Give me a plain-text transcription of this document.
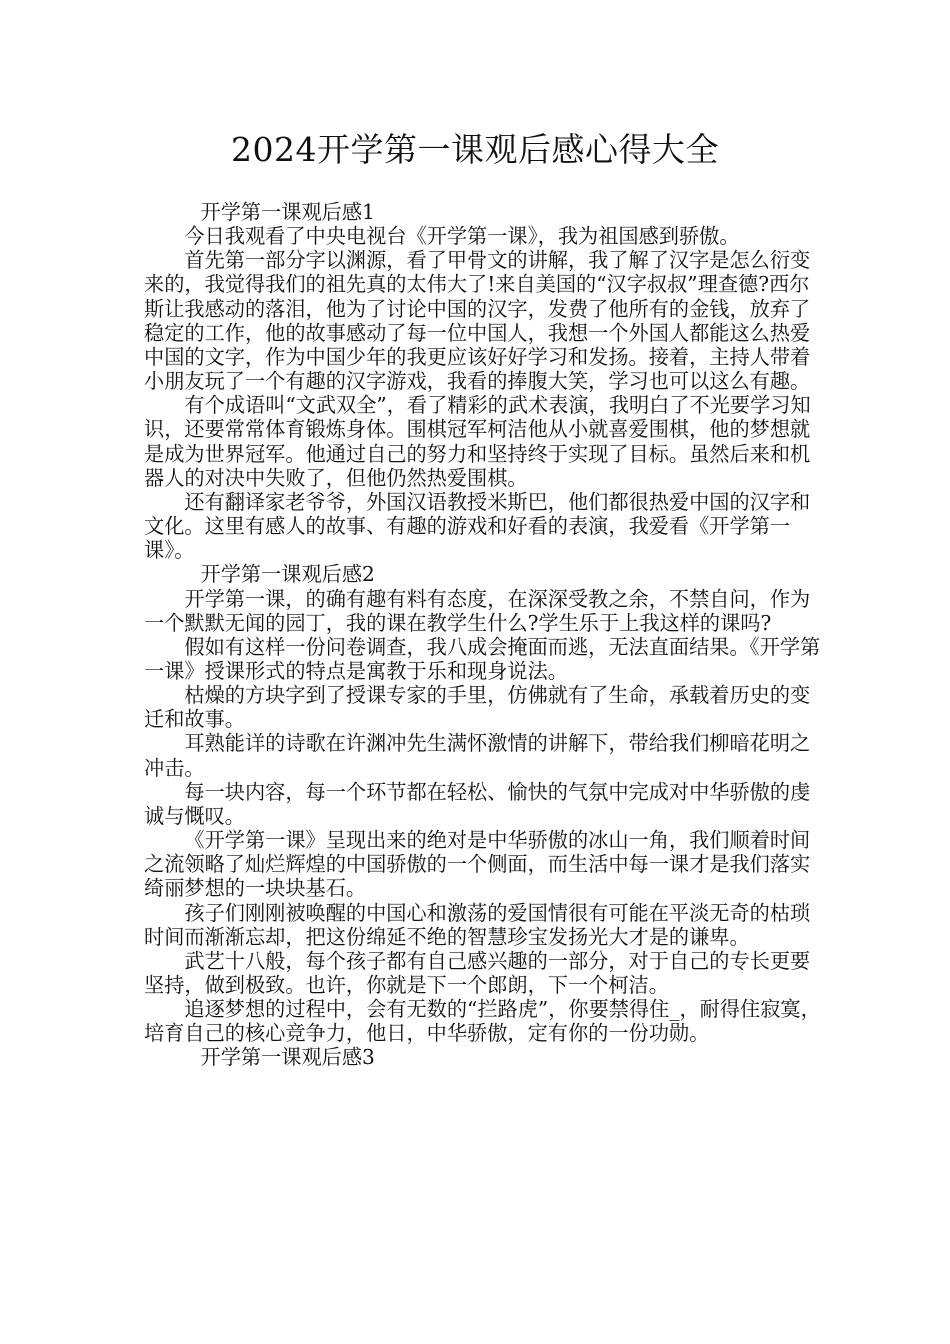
2024开学第一课观后感心得大全

开学第一课观后感1

今日我观看了中央电视台《开学第一课》，我为祖国感到骄傲。

首先第一部分字以渊源，看了甲骨文的讲解，我了解了汉字是怎么衍变来的，我觉得我们的祖先真的太伟大了!来自美国的“汉字叔叔”理查德?西尔斯让我感动的落泪，他为了讨论中国的汉字，发费了他所有的金钱，放弃了稳定的工作，他的故事感动了每一位中国人，我想一个外国人都能这么热爱中国的文字，作为中国少年的我更应该好好学习和发扬。接着，主持人带着小朋友玩了一个有趣的汉字游戏，我看的捧腹大笑，学习也可以这么有趣。

有个成语叫“文武双全”，看了精彩的武术表演，我明白了不光要学习知识，还要常常体育锻炼身体。围棋冠军柯洁他从小就喜爱围棋，他的梦想就是成为世界冠军。他通过自己的努力和坚持终于实现了目标。虽然后来和机器人的对决中失败了，但他仍然热爱围棋。

还有翻译家老爷爷，外国汉语教授米斯巴，他们都很热爱中国的汉字和文化。这里有感人的故事、有趣的游戏和好看的表演，我爱看《开学第一课》。

开学第一课观后感2

开学第一课，的确有趣有料有态度，在深深受教之余，不禁自问，作为一个默默无闻的园丁，我的课在教学生什么?学生乐于上我这样的课吗?

假如有这样一份问卷调查，我八成会掩面而逃，无法直面结果。《开学第一课》授课形式的特点是寓教于乐和现身说法。

枯燥的方块字到了授课专家的手里，仿佛就有了生命，承载着历史的变迁和故事。

耳熟能详的诗歌在许渊冲先生满怀激情的讲解下，带给我们柳暗花明之冲击。

每一块内容，每一个环节都在轻松、愉快的气氛中完成对中华骄傲的虔诚与慨叹。

《开学第一课》呈现出来的绝对是中华骄傲的冰山一角，我们顺着时间之流领略了灿烂辉煌的中国骄傲的一个侧面，而生活中每一课才是我们落实绮丽梦想的一块块基石。

孩子们刚刚被唤醒的中国心和激荡的爱国情很有可能在平淡无奇的枯琐时间而渐渐忘却，把这份绵延不绝的智慧珍宝发扬光大才是的谦卑。

武艺十八般，每个孩子都有自己感兴趣的一部分，对于自己的专长更要坚持，做到极致。也许，你就是下一个郎朗，下一个柯洁。

追逐梦想的过程中，会有无数的“拦路虎”，你要禁得住_，耐得住寂寞，培育自己的核心竞争力，他日，中华骄傲，定有你的一份功勋。

开学第一课观后感3
